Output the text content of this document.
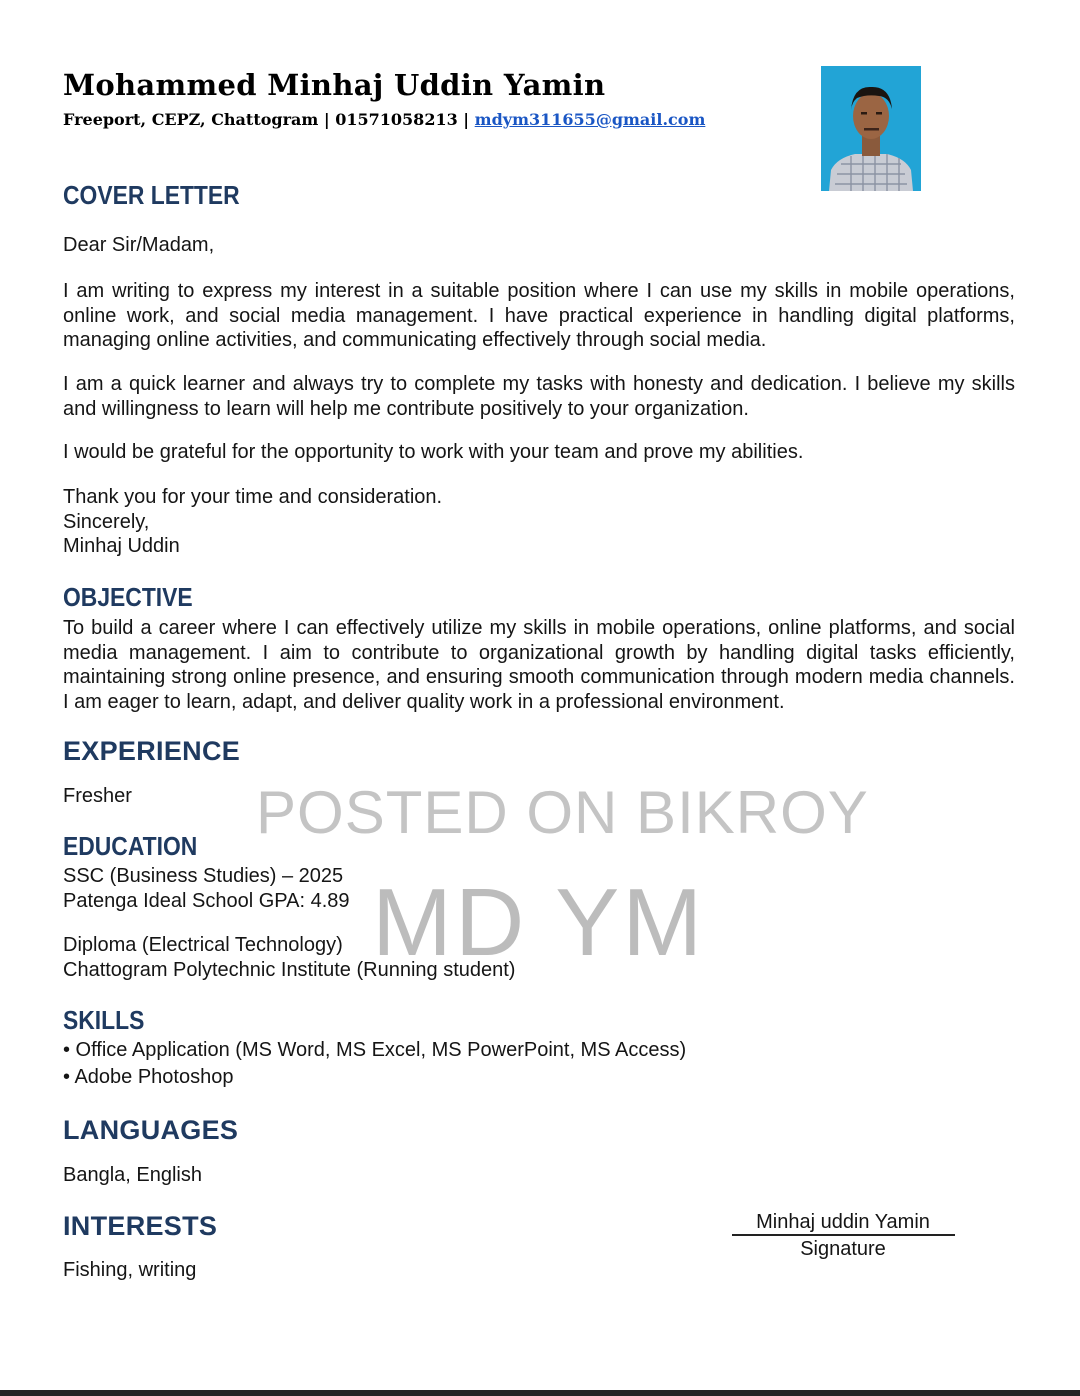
Mohammed Minhaj Uddin Yamin
Freeport, CEPZ, Chattogram | 01571058213 | mdym311655@gmail.com
COVER LETTER
Dear Sir/Madam,
I am writing to express my interest in a suitable position where I can use my skills in mobile operations, online work, and social media management. I have practical experience in handling digital platforms, managing online activities, and communicating effectively through social media.
I am a quick learner and always try to complete my tasks with honesty and dedication. I believe my skills and willingness to learn will help me contribute positively to your organization.
I would be grateful for the opportunity to work with your team and prove my abilities.
Thank you for your time and consideration.
Sincerely,
Minhaj Uddin
OBJECTIVE
To build a career where I can effectively utilize my skills in mobile operations, online platforms, and social media management. I aim to contribute to organizational growth by handling digital tasks efficiently, maintaining strong online presence, and ensuring smooth communication through modern media channels. I am eager to learn, adapt, and deliver quality work in a professional environment.
EXPERIENCE
Fresher
EDUCATION
SSC (Business Studies) – 2025
Patenga Ideal School GPA: 4.89
Diploma (Electrical Technology)
Chattogram Polytechnic Institute (Running student)
SKILLS
• Office Application (MS Word, MS Excel, MS PowerPoint, MS Access)
• Adobe Photoshop
LANGUAGES
Bangla, English
INTERESTS
Fishing, writing
Minhaj uddin Yamin
Signature
POSTED ON BIKROY
MD YM
